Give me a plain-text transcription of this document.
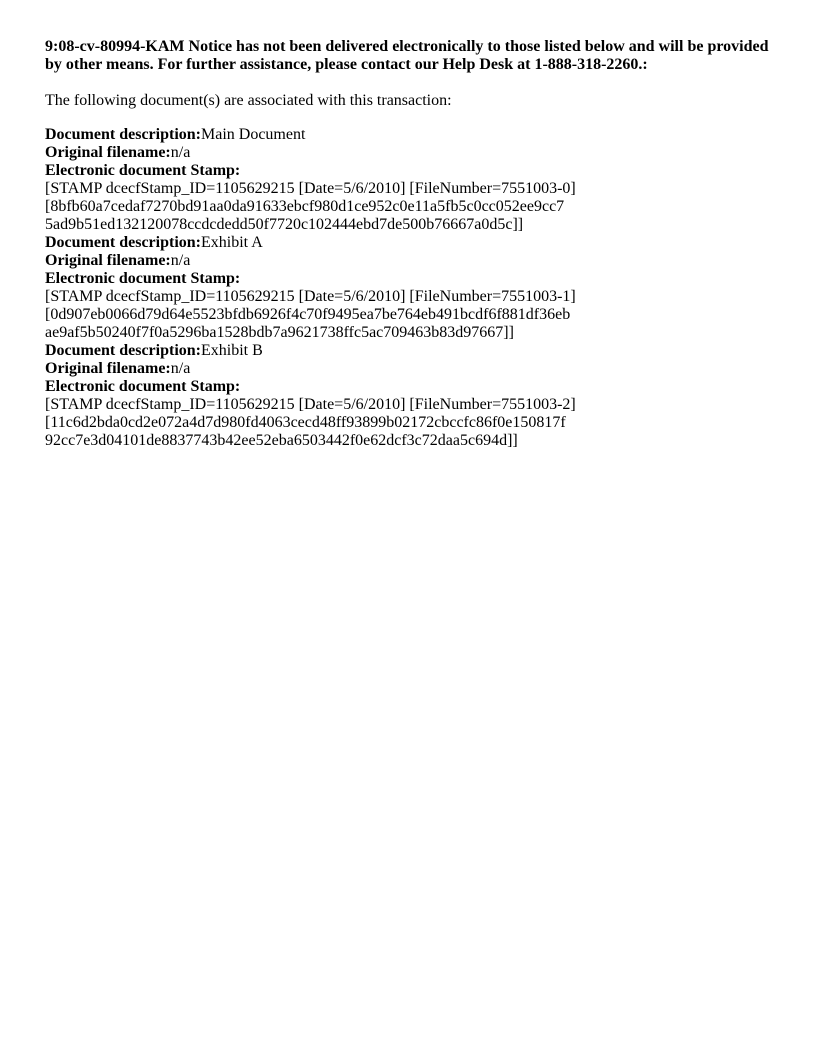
9:08-cv-80994-KAM Notice has not been delivered electronically to those listed below and will be provided by other means. For further assistance, please contact our Help Desk at 1-888-318-2260.:

The following document(s) are associated with this transaction:
Document description:Main Document
Original filename:n/a
Electronic document Stamp:
[STAMP dcecfStamp_ID=1105629215 [Date=5/6/2010] [FileNumber=7551003-0]
[8bfb60a7cedaf7270bd91aa0da91633ebcf980d1ce952c0e11a5fb5c0cc052ee9cc7
5ad9b51ed132120078ccdcdedd50f7720c102444ebd7de500b76667a0d5c]]
Document description:Exhibit A
Original filename:n/a
Electronic document Stamp:
[STAMP dcecfStamp_ID=1105629215 [Date=5/6/2010] [FileNumber=7551003-1]
[0d907eb0066d79d64e5523bfdb6926f4c70f9495ea7be764eb491bcdf6f881df36eb
ae9af5b50240f7f0a5296ba1528bdb7a9621738ffc5ac709463b83d97667]]
Document description:Exhibit B
Original filename:n/a
Electronic document Stamp:
[STAMP dcecfStamp_ID=1105629215 [Date=5/6/2010] [FileNumber=7551003-2]
[11c6d2bda0cd2e072a4d7d980fd4063cecd48ff93899b02172cbccfc86f0e150817f
92cc7e3d04101de8837743b42ee52eba6503442f0e62dcf3c72daa5c694d]]
